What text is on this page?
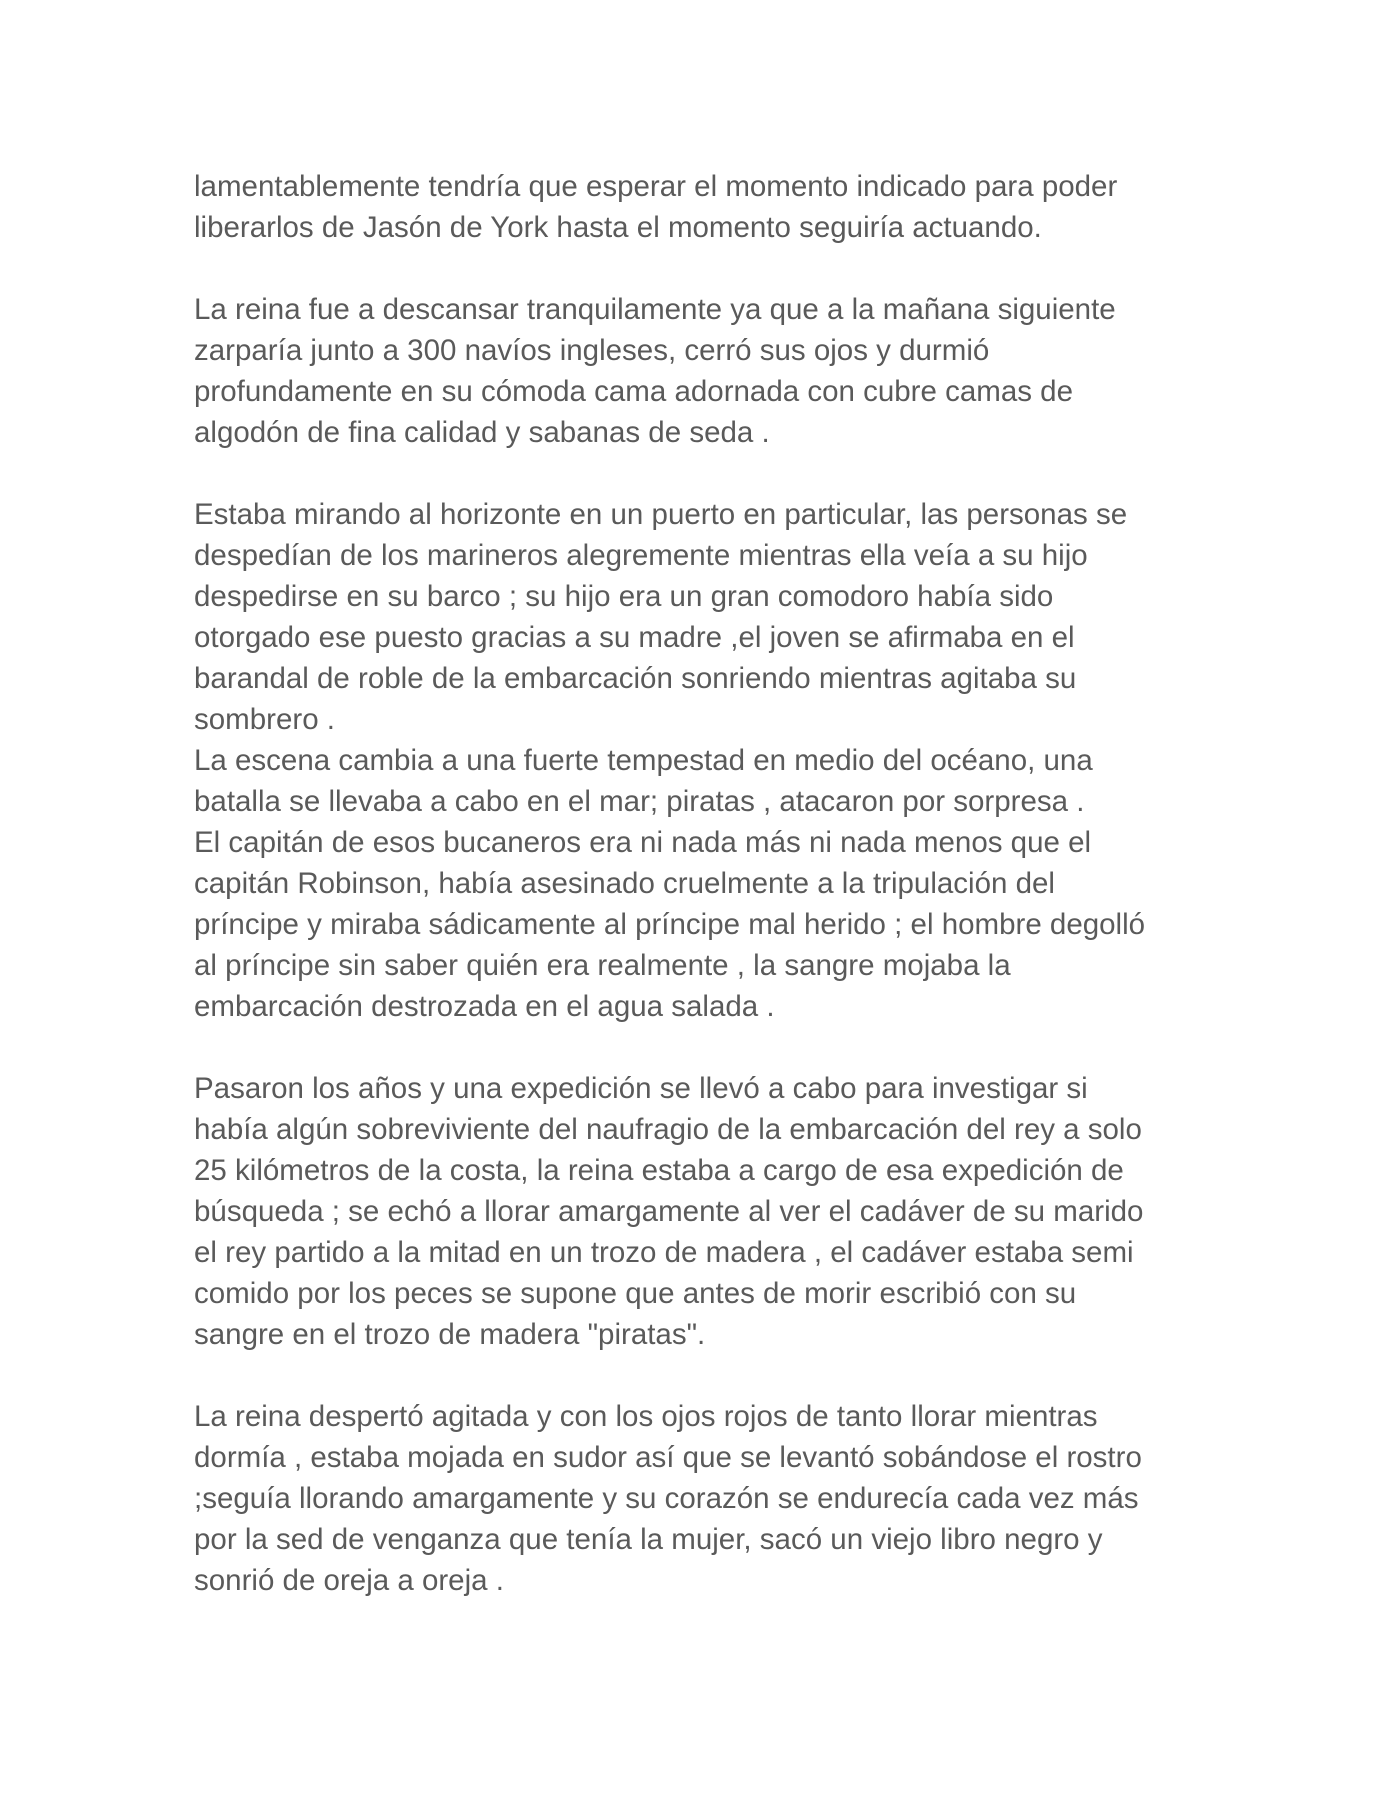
lamentablemente tendría que esperar el momento indicado para poder
liberarlos de Jasón de York hasta el momento seguiría actuando.

La reina fue a descansar tranquilamente ya que a la mañana siguiente
zarparía junto a 300 navíos ingleses, cerró sus ojos y durmió
profundamente en su cómoda cama adornada con cubre camas de
algodón de fina calidad y sabanas de seda .

Estaba mirando al horizonte en un puerto en particular, las personas se
despedían de los marineros alegremente mientras ella veía a su hijo
despedirse en su barco ; su hijo era un gran comodoro había sido
otorgado ese puesto gracias a su madre ,el joven se afirmaba en el
barandal de roble de la embarcación sonriendo mientras agitaba su
sombrero .

La escena cambia a una fuerte tempestad en medio del océano, una
batalla se llevaba a cabo en el mar; piratas , atacaron por sorpresa .

El capitán de esos bucaneros era ni nada más ni nada menos que el
capitán Robinson, había asesinado cruelmente a la tripulación del
príncipe y miraba sádicamente al príncipe mal herido ; el hombre degolló
al príncipe sin saber quién era realmente , la sangre mojaba la
embarcación destrozada en el agua salada .

Pasaron los años y una expedición se llevó a cabo para investigar si
había algún sobreviviente del naufragio de la embarcación del rey a solo
25 kilómetros de la costa, la reina estaba a cargo de esa expedición de
búsqueda ; se echó a llorar amargamente al ver el cadáver de su marido
el rey partido a la mitad en un trozo de madera , el cadáver estaba semi
comido por los peces se supone que antes de morir escribió con su
sangre en el trozo de madera "piratas".

La reina despertó agitada y con los ojos rojos de tanto llorar mientras
dormía , estaba mojada en sudor así que se levantó sobándose el rostro
;seguía llorando amargamente y su corazón se endurecía cada vez más
por la sed de venganza que tenía la mujer, sacó un viejo libro negro y
sonrió de oreja a oreja .
